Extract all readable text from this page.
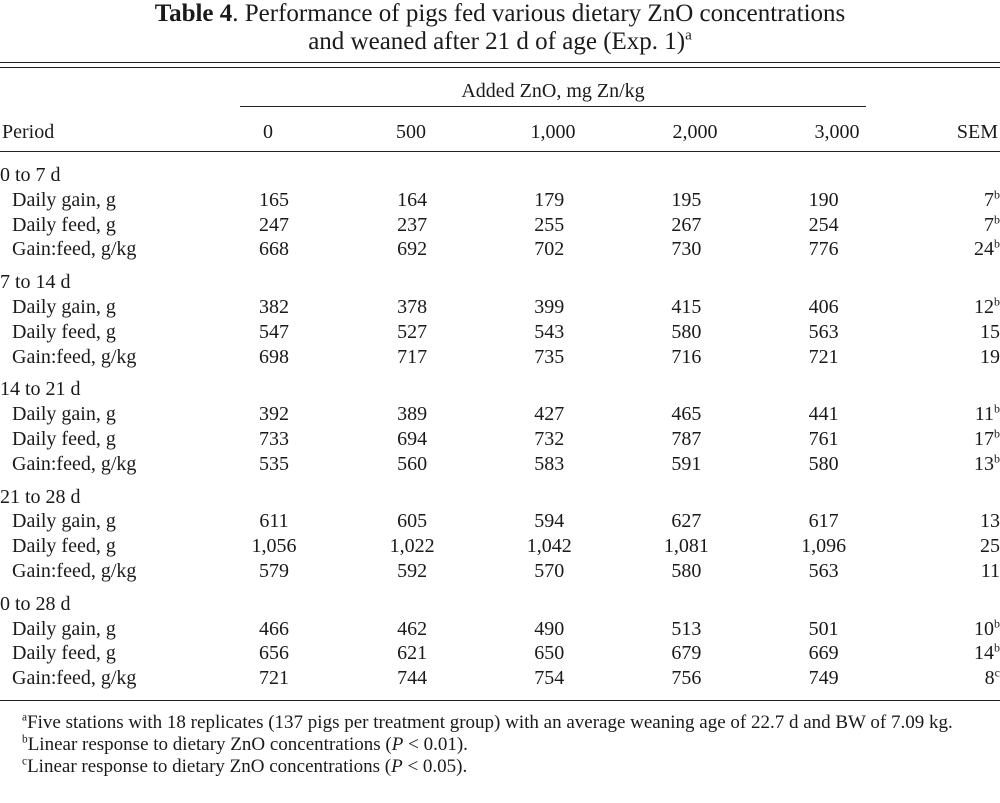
Table 4. Performance of pigs fed various dietary ZnO concentrations
and weaned after 21 d of age (Exp. 1)$^a$
Added ZnO, mg Zn/kg
Period	0	500	1,000	2,000	3,000	SEM
0 to 7 d										
Daily gain, g	165		164		179		195		190	7$^b$
Daily feed, g	247		237		255		267		254	7$^b$
Gain:feed, g/kg	668		692		702		730		776	24$^b$
7 to 14 d										
Daily gain, g	382		378		399		415		406	12$^b$
Daily feed, g	547		527		543		580		563	15
Gain:feed, g/kg	698		717		735		716		721	19
14 to 21 d										
Daily gain, g	392		389		427		465		441	11$^b$
Daily feed, g	733		694		732		787		761	17$^b$
Gain:feed, g/kg	535		560		583		591		580	13$^b$
21 to 28 d										
Daily gain, g	611		605		594		627		617	13
Daily feed, g	1,056		1,022		1,042		1,081		1,096	25
Gain:feed, g/kg	579		592		570		580		563	11
0 to 28 d										
Daily gain, g	466		462		490		513		501	10$^b$
Daily feed, g	656		621		650		679		669	14$^b$
Gain:feed, g/kg	721		744		754		756		749	8$^c$

$^a$Five stations with 18 replicates (137 pigs per treatment group) with an average weaning age of 22.7 d and BW of 7.09 kg.

$^b$Linear response to dietary ZnO concentrations (P < 0.01).

$^c$Linear response to dietary ZnO concentrations (P < 0.05).
